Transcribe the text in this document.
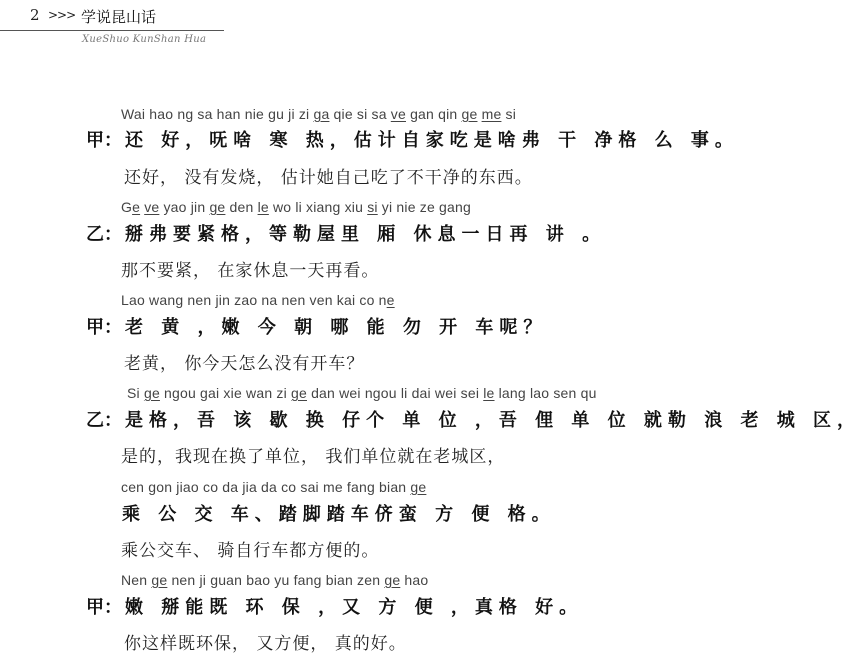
2 >>> 学说昆山话
XueShuo KunShan Hua
Wai hao ng sa han nie gu ji zi ga qie si sa ve gan qin ge me si
甲： 还 好，呒啥 寒 热，估计自家吃是啥弗 干 净格 么 事。
还好， 没有发烧， 估计她自己吃了不干净的东西。
Ge ve yao jin ge den le wo li xiang xiu si yi nie ze gang
乙： 掰弗要紧格，等勒屋里 厢 休息一日再 讲 。
那不要紧， 在家休息一天再看。
Lao wang nen jin zao na nen ven kai co ne
甲： 老 黄 ，嫩 今 朝 哪 能 勿 开 车呢？
老黄， 你今天怎么没有开车？
Si ge ngou gai xie wan zi ge dan wei ngou li dai wei sei le lang lao sen qu
乙： 是格，吾 该 歇 换 仔个 单 位 ，吾 俚 单 位 就勒 浪 老 城 区，
是的，我现在换了单位， 我们单位就在老城区，
cen gon jiao co da jia da co sai me fang bian ge
乘 公 交 车、踏脚踏车侪蛮 方 便 格。
乘公交车、 骑自行车都方便的。
Nen ge nen ji guan bao yu fang bian zen ge hao
甲： 嫩 掰能既 环 保 ，又 方 便 ，真格 好。
你这样既环保， 又方便， 真的好。
